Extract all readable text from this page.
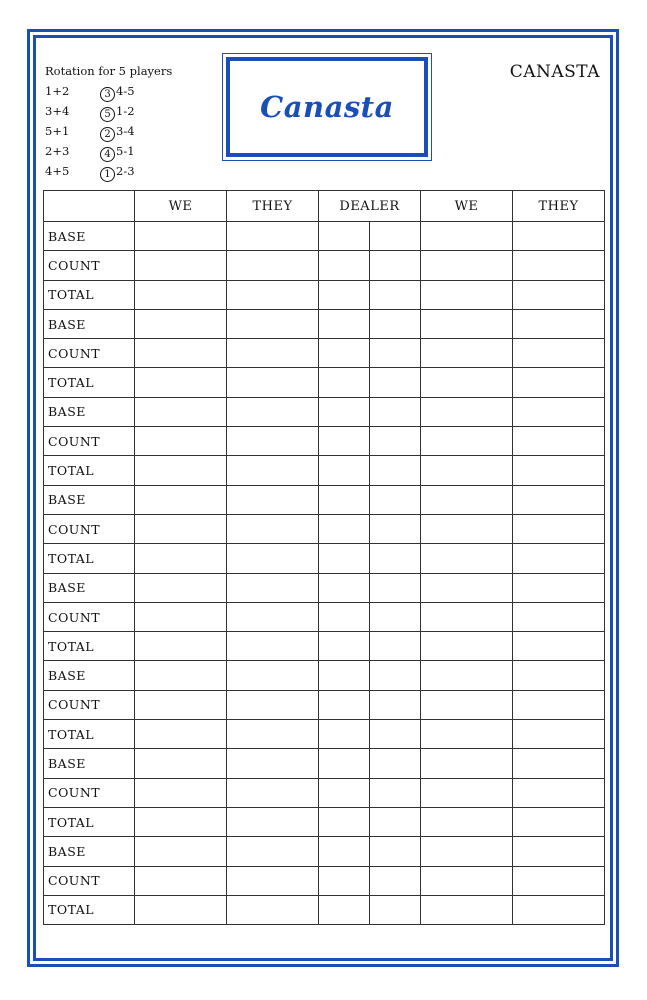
Rotation for 5 players
1+2	3 4-5
3+4	5 1-2
5+1	2 3-4
2+3	4 5-1
4+5	1 2-3
Canasta
CANASTA
	WE	THEY	DEALER		WE	THEY
BASE						
COUNT						
TOTAL						
BASE						
COUNT						
TOTAL						
BASE						
COUNT						
TOTAL						
BASE						
COUNT						
TOTAL						
BASE						
COUNT						
TOTAL						
BASE						
COUNT						
TOTAL						
BASE						
COUNT						
TOTAL						
BASE						
COUNT						
TOTAL						
